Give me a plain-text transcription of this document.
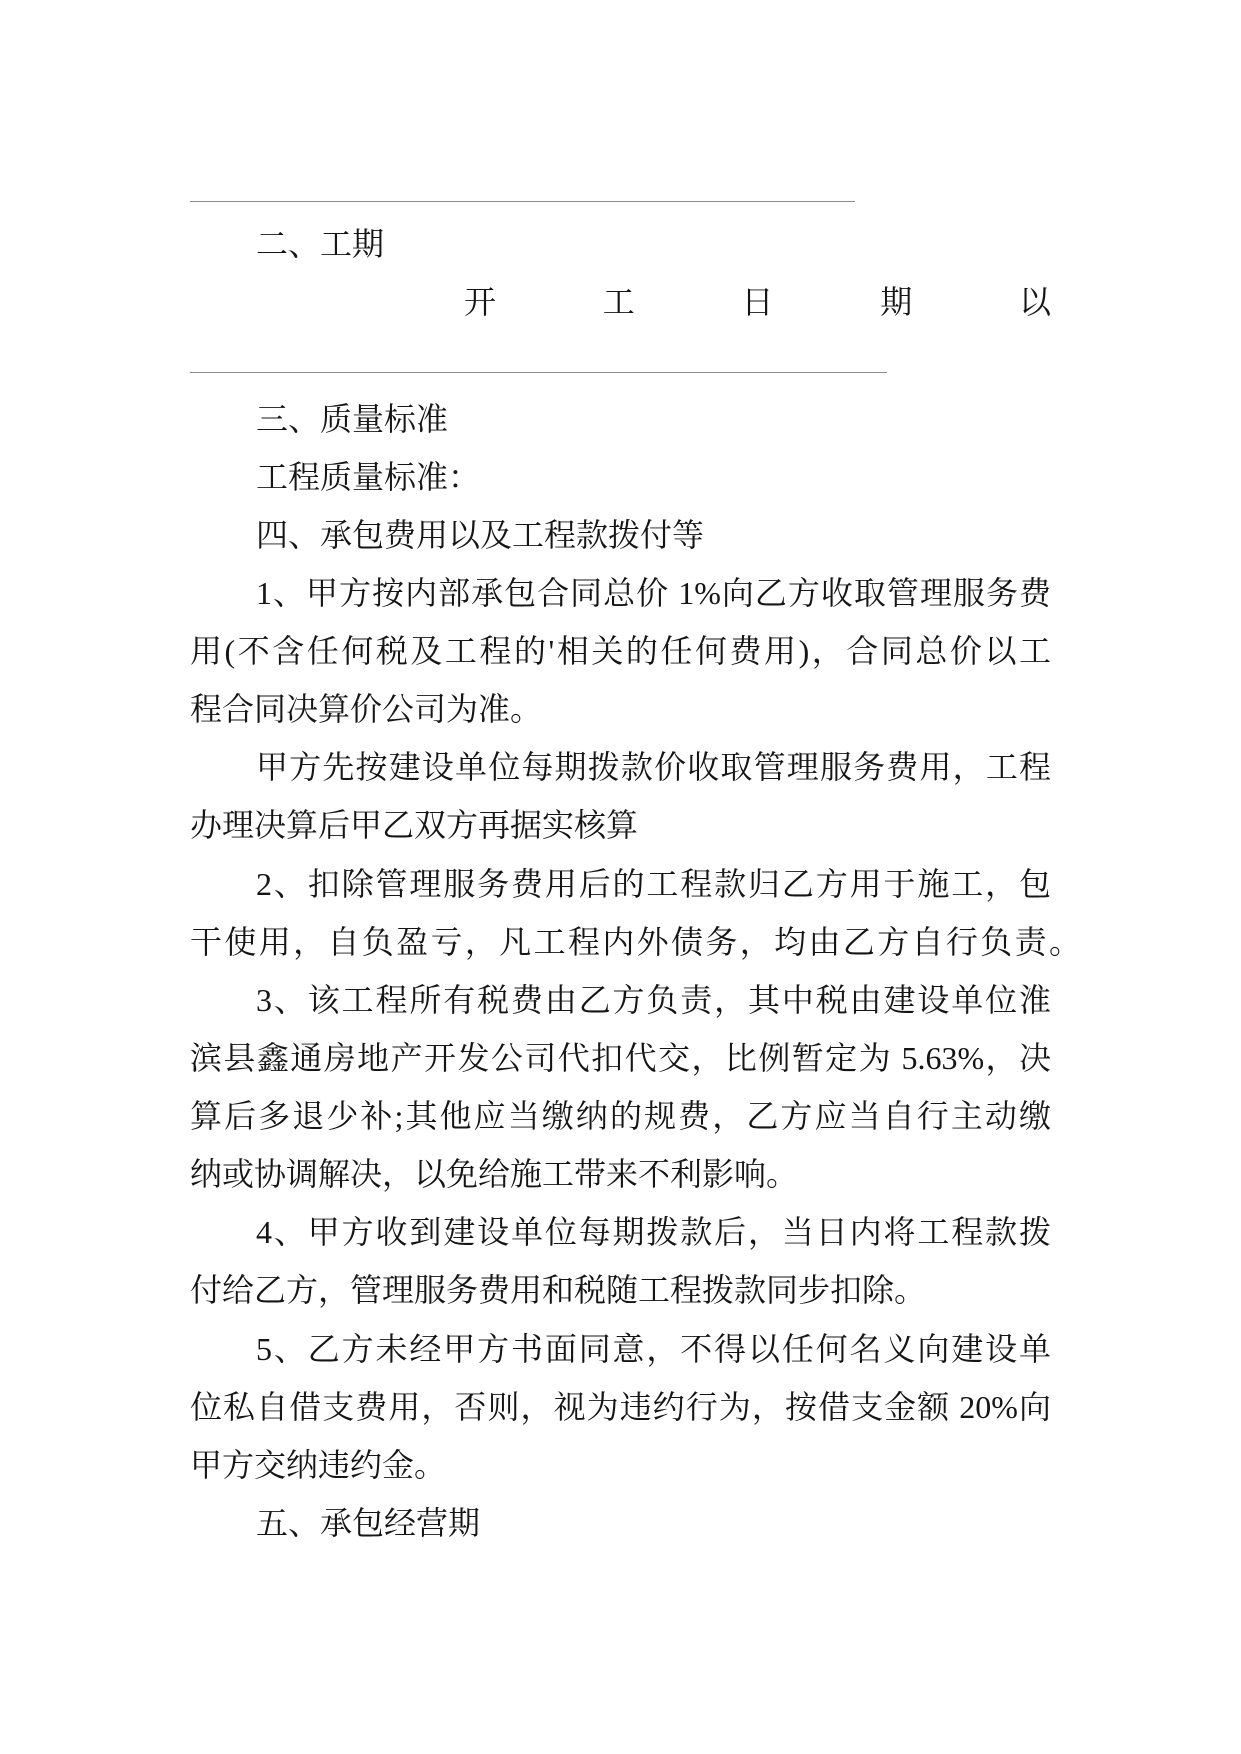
二、工期
开工日期以
三、质量标准
工程质量标准：
四、承包费用以及工程款拨付等
1、甲方按内部承包合同总价 1%向乙方收取管理服务费
用(不含任何税及工程的'相关的任何费用)，合同总价以工
程合同决算价公司为准。
甲方先按建设单位每期拨款价收取管理服务费用，工程
办理决算后甲乙双方再据实核算
2、扣除管理服务费用后的工程款归乙方用于施工，包
干使用，自负盈亏，凡工程内外债务，均由乙方自行负责。
3、该工程所有税费由乙方负责，其中税由建设单位淮
滨县鑫通房地产开发公司代扣代交，比例暂定为 5.63%，决
算后多退少补;其他应当缴纳的规费，乙方应当自行主动缴
纳或协调解决，以免给施工带来不利影响。
4、甲方收到建设单位每期拨款后，当日内将工程款拨
付给乙方，管理服务费用和税随工程拨款同步扣除。
5、乙方未经甲方书面同意，不得以任何名义向建设单
位私自借支费用，否则，视为违约行为，按借支金额 20%向
甲方交纳违约金。
五、承包经营期
